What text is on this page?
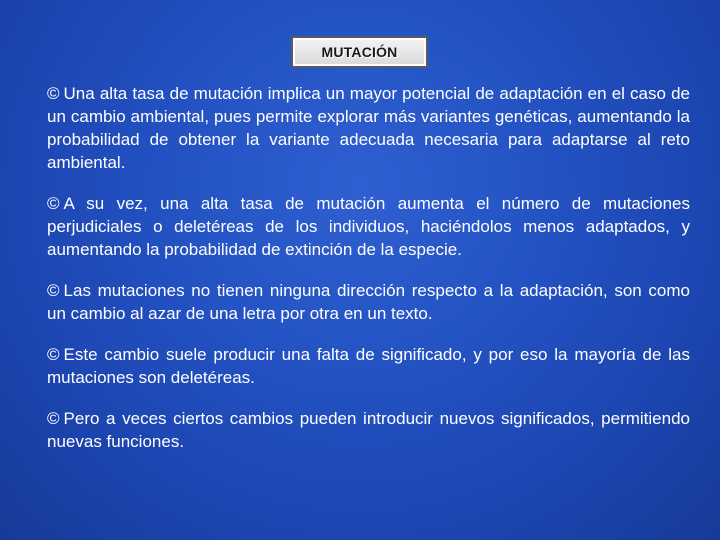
MUTACIÓN

© Una alta tasa de mutación implica un mayor potencial de adaptación en el caso de un cambio ambiental, pues permite explorar más variantes genéticas, aumentando la probabilidad de obtener la variante adecuada necesaria para adaptarse al reto ambiental.

© A su vez, una alta tasa de mutación aumenta el número de mutaciones perjudiciales o deletéreas de los individuos, haciéndolos menos adaptados, y aumentando la probabilidad de extinción de la especie.

© Las mutaciones no tienen ninguna dirección respecto a la adaptación, son como un cambio al azar de una letra por otra en un texto.

© Este cambio suele producir una falta de significado, y por eso la mayoría de las mutaciones son deletéreas.

© Pero a veces ciertos cambios pueden introducir nuevos significados, permitiendo nuevas funciones.
